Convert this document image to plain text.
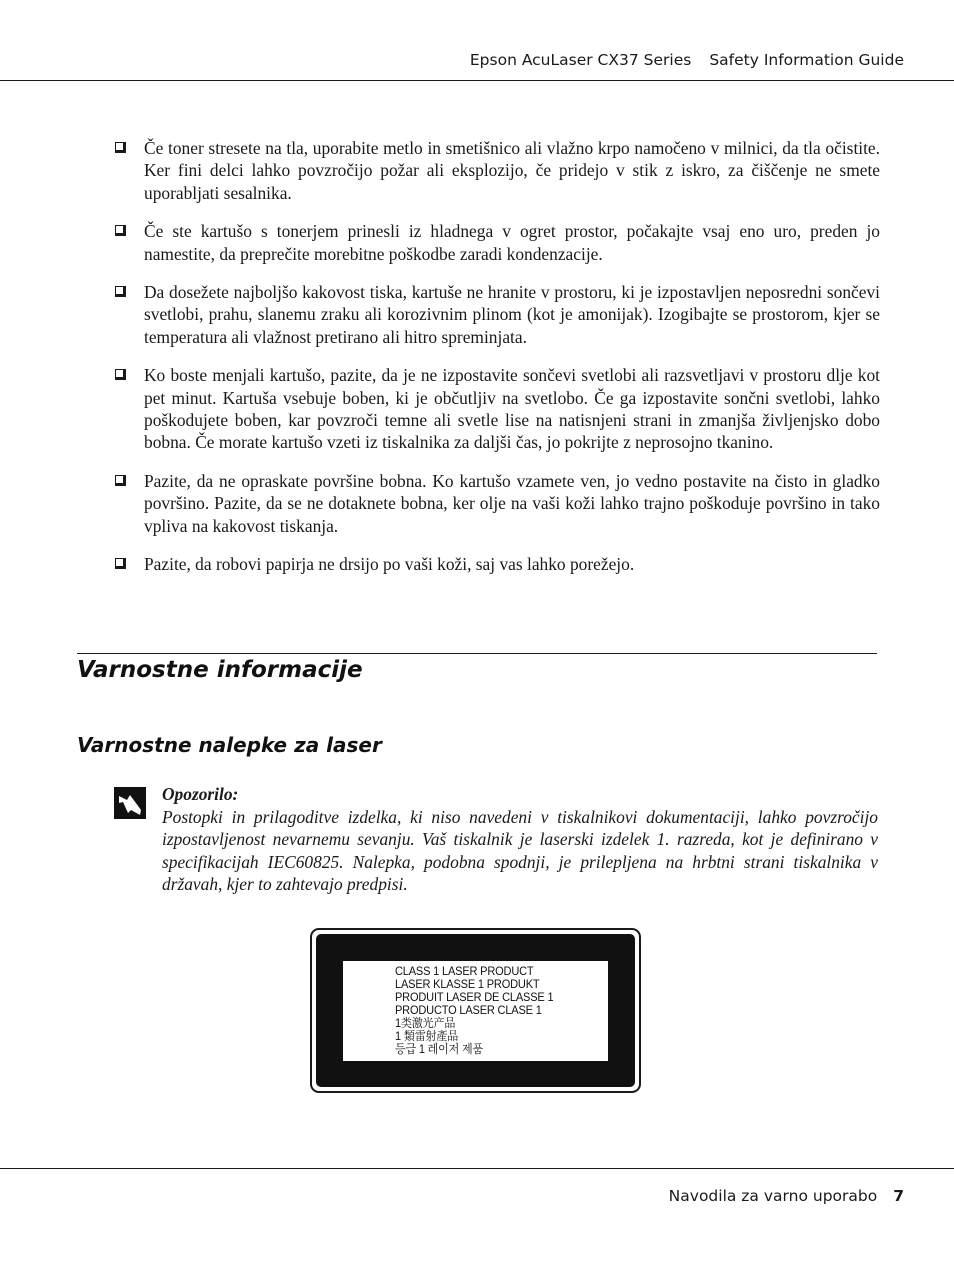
Epson AcuLaser CX37 Series Safety Information Guide
Če toner stresete na tla, uporabite metlo in smetišnico ali vlažno krpo namočeno v milnici, da tla očistite. Ker fini delci lahko povzročijo požar ali eksplozijo, če pridejo v stik z iskro, za čiščenje ne smete uporabljati sesalnika.
Če ste kartušo s tonerjem prinesli iz hladnega v ogret prostor, počakajte vsaj eno uro, preden jo namestite, da preprečite morebitne poškodbe zaradi kondenzacije.
Da dosežete najboljšo kakovost tiska, kartuše ne hranite v prostoru, ki je izpostavljen neposredni sončevi svetlobi, prahu, slanemu zraku ali korozivnim plinom (kot je amonijak). Izogibajte se prostorom, kjer se temperatura ali vlažnost pretirano ali hitro spreminjata.
Ko boste menjali kartušo, pazite, da je ne izpostavite sončevi svetlobi ali razsvetljavi v prostoru dlje kot pet minut. Kartuša vsebuje boben, ki je občutljiv na svetlobo. Če ga izpostavite sončni svetlobi, lahko poškodujete boben, kar povzroči temne ali svetle lise na natisnjeni strani in zmanjša življenjsko dobo bobna. Če morate kartušo vzeti iz tiskalnika za daljši čas, jo pokrijte z neprosojno tkanino.
Pazite, da ne opraskate površine bobna. Ko kartušo vzamete ven, jo vedno postavite na čisto in gladko površino. Pazite, da se ne dotaknete bobna, ker olje na vaši koži lahko trajno poškoduje površino in tako vpliva na kakovost tiskanja.
Pazite, da robovi papirja ne drsijo po vaši koži, saj vas lahko porežejo.
Varnostne informacije
Varnostne nalepke za laser
Opozorilo:

Postopki in prilagoditve izdelka, ki niso navedeni v tiskalnikovi dokumentaciji, lahko povzročijo izpostavljenost nevarnemu sevanju. Vaš tiskalnik je laserski izdelek 1. razreda, kot je definirano v specifikacijah IEC60825. Nalepka, podobna spodnji, je prilepljena na hrbtni strani tiskalnika v državah, kjer to zahtevajo predpisi.

CLASS 1 LASER PRODUCT
LASER KLASSE 1 PRODUKT
PRODUIT LASER DE CLASSE 1
PRODUCTO LASER CLASE 1
1类激光产品
1 類雷射產品
등급 1 레이저 제품
Navodila za varno uporabo 7
